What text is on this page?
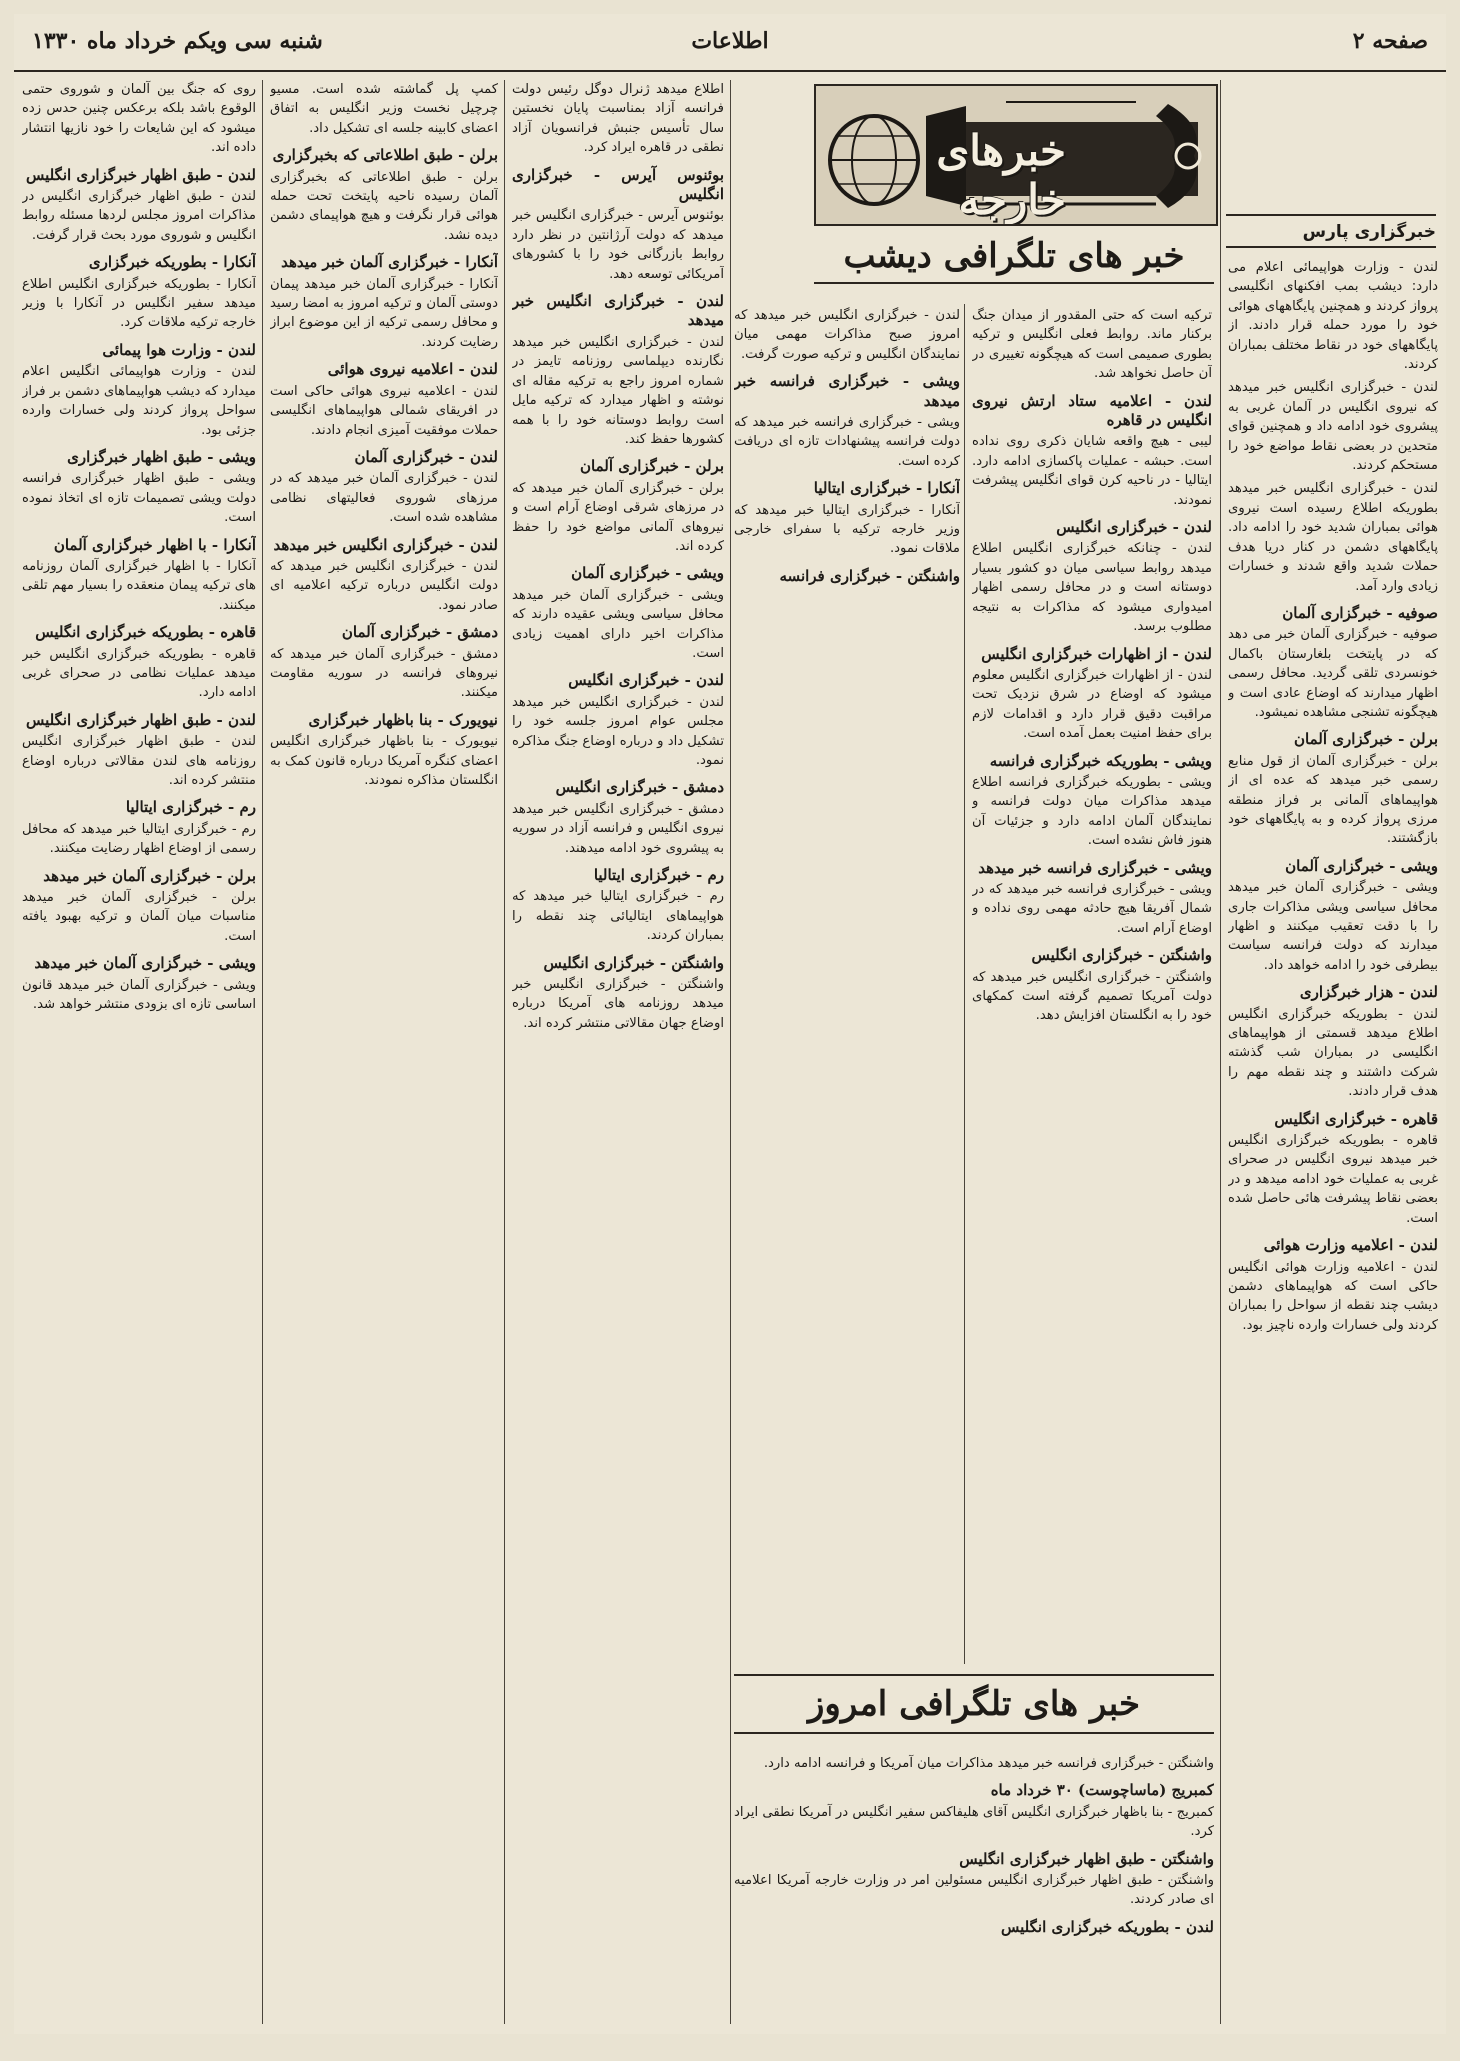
صفحه ۲
اطلاعات
شنبه سی ویکم خرداد ماه ۱۳۳۰
خبرهای خارجه
خبرگزاری پارس
خبر های تلگرافی دیشب
خبر های تلگرافی امروز
لندن - وزارت هواپیمائی اعلام می دارد: دیشب بمب افکنهای انگلیسی پرواز کردند و همچنین پایگاههای هوائی خود را مورد حمله قرار دادند. از پایگاههای خود در نقاط مختلف بمباران کردند.
لندن - خبرگزاری انگلیس خبر میدهد که نیروی انگلیس در آلمان غربی به پیشروی خود ادامه داد و همچنین قوای متحدین در بعضی نقاط مواضع خود را مستحکم کردند.
لندن - خبرگزاری انگلیس خبر میدهد بطوریکه اطلاع رسیده است نیروی هوائی بمباران شدید خود را ادامه داد. پایگاههای دشمن در کنار دریا هدف حملات شدید واقع شدند و خسارات زیادی وارد آمد.
صوفیه - خبرگزاری آلمان
صوفیه - خبرگزاری آلمان خبر می دهد که در پایتخت بلغارستان باکمال خونسردی تلقی گردید. محافل رسمی اظهار میدارند که اوضاع عادی است و هیچگونه تشنجی مشاهده نمیشود.
برلن - خبرگزاری آلمان
برلن - خبرگزاری آلمان از قول منابع رسمی خبر میدهد که عده ای از هواپیماهای آلمانی بر فراز منطقه مرزی پرواز کرده و به پایگاههای خود بازگشتند.
ویشی - خبرگزاری آلمان
ویشی - خبرگزاری آلمان خبر میدهد محافل سیاسی ویشی مذاکرات جاری را با دقت تعقیب میکنند و اظهار میدارند که دولت فرانسه سیاست بیطرفی خود را ادامه خواهد داد.
لندن - هزار خبرگزاری
لندن - بطوریکه خبرگزاری انگلیس اطلاع میدهد قسمتی از هواپیماهای انگلیسی در بمباران شب گذشته شرکت داشتند و چند نقطه مهم را هدف قرار دادند.
قاهره - خبرگزاری انگلیس
قاهره - بطوریکه خبرگزاری انگلیس خبر میدهد نیروی انگلیس در صحرای غربی به عملیات خود ادامه میدهد و در بعضی نقاط پیشرفت هائی حاصل شده است.
لندن - اعلامیه وزارت هوائی
لندن - اعلامیه وزارت هوائی انگلیس حاکی است که هواپیماهای دشمن دیشب چند نقطه از سواحل را بمباران کردند ولی خسارات وارده ناچیز بود.
ترکیه است که حتی المقدور از میدان جنگ برکنار ماند. روابط فعلی انگلیس و ترکیه بطوری صمیمی است که هیچگونه تغییری در آن حاصل نخواهد شد.
لندن - اعلامیه ستاد ارتش نیروی انگلیس در قاهره
لیبی - هیچ واقعه شایان ذکری روی نداده است. حبشه - عملیات پاکسازی ادامه دارد. ایتالیا - در ناحیه کرن قوای انگلیس پیشرفت نمودند.
لندن - خبرگزاری انگلیس
لندن - چنانکه خبرگزاری انگلیس اطلاع میدهد روابط سیاسی میان دو کشور بسیار دوستانه است و در محافل رسمی اظهار امیدواری میشود که مذاکرات به نتیجه مطلوب برسد.
لندن - از اظهارات خبرگزاری انگلیس
لندن - از اظهارات خبرگزاری انگلیس معلوم میشود که اوضاع در شرق نزدیک تحت مراقبت دقیق قرار دارد و اقدامات لازم برای حفظ امنیت بعمل آمده است.
ویشی - بطوریکه خبرگزاری فرانسه
ویشی - بطوریکه خبرگزاری فرانسه اطلاع میدهد مذاکرات میان دولت فرانسه و نمایندگان آلمان ادامه دارد و جزئیات آن هنوز فاش نشده است.
ویشی - خبرگزاری فرانسه خبر میدهد
ویشی - خبرگزاری فرانسه خبر میدهد که در شمال آفریقا هیچ حادثه مهمی روی نداده و اوضاع آرام است.
واشنگتن - خبرگزاری انگلیس
واشنگتن - خبرگزاری انگلیس خبر میدهد که دولت آمریکا تصمیم گرفته است کمکهای خود را به انگلستان افزایش دهد.
لندن - خبرگزاری انگلیس خبر میدهد که امروز صبح مذاکرات مهمی میان نمایندگان انگلیس و ترکیه صورت گرفت.
ویشی - خبرگزاری فرانسه خبر میدهد
ویشی - خبرگزاری فرانسه خبر میدهد که دولت فرانسه پیشنهادات تازه ای دریافت کرده است.
آنکارا - خبرگزاری ایتالیا
آنکارا - خبرگزاری ایتالیا خبر میدهد که وزیر خارجه ترکیه با سفرای خارجی ملاقات نمود.
واشنگتن - خبرگزاری فرانسه
اطلاع میدهد ژنرال دوگل رئیس دولت فرانسه آزاد بمناسبت پایان نخستین سال تأسیس جنبش فرانسویان آزاد نطقی در قاهره ایراد کرد.
بوئنوس آیرس - خبرگزاری انگلیس
بوئنوس آیرس - خبرگزاری انگلیس خبر میدهد که دولت آرژانتین در نظر دارد روابط بازرگانی خود را با کشورهای آمریکائی توسعه دهد.
لندن - خبرگزاری انگلیس خبر میدهد
لندن - خبرگزاری انگلیس خبر میدهد نگارنده دیپلماسی روزنامه تایمز در شماره امروز راجع به ترکیه مقاله ای نوشته و اظهار میدارد که ترکیه مایل است روابط دوستانه خود را با همه کشورها حفظ کند.
برلن - خبرگزاری آلمان
برلن - خبرگزاری آلمان خبر میدهد که در مرزهای شرقی اوضاع آرام است و نیروهای آلمانی مواضع خود را حفظ کرده اند.
ویشی - خبرگزاری آلمان
ویشی - خبرگزاری آلمان خبر میدهد محافل سیاسی ویشی عقیده دارند که مذاکرات اخیر دارای اهمیت زیادی است.
لندن - خبرگزاری انگلیس
لندن - خبرگزاری انگلیس خبر میدهد مجلس عوام امروز جلسه خود را تشکیل داد و درباره اوضاع جنگ مذاکره نمود.
دمشق - خبرگزاری انگلیس
دمشق - خبرگزاری انگلیس خبر میدهد نیروی انگلیس و فرانسه آزاد در سوریه به پیشروی خود ادامه میدهند.
رم - خبرگزاری ایتالیا
رم - خبرگزاری ایتالیا خبر میدهد که هواپیماهای ایتالیائی چند نقطه را بمباران کردند.
واشنگتن - خبرگزاری انگلیس
واشنگتن - خبرگزاری انگلیس خبر میدهد روزنامه های آمریکا درباره اوضاع جهان مقالاتی منتشر کرده اند.
کمپ پل گماشته شده است. مسیو چرچیل نخست وزیر انگلیس به اتفاق اعضای کابینه جلسه ای تشکیل داد.
برلن - طبق اطلاعاتی که بخبرگزاری
برلن - طبق اطلاعاتی که بخبرگزاری آلمان رسیده ناحیه پایتخت تحت حمله هوائی قرار نگرفت و هیچ هواپیمای دشمن دیده نشد.
آنکارا - خبرگزاری آلمان خبر میدهد
آنکارا - خبرگزاری آلمان خبر میدهد پیمان دوستی آلمان و ترکیه امروز به امضا رسید و محافل رسمی ترکیه از این موضوع ابراز رضایت کردند.
لندن - اعلامیه نیروی هوائی
لندن - اعلامیه نیروی هوائی حاکی است در افریقای شمالی هواپیماهای انگلیسی حملات موفقیت آمیزی انجام دادند.
لندن - خبرگزاری آلمان
لندن - خبرگزاری آلمان خبر میدهد که در مرزهای شوروی فعالیتهای نظامی مشاهده شده است.
لندن - خبرگزاری انگلیس خبر میدهد
لندن - خبرگزاری انگلیس خبر میدهد که دولت انگلیس درباره ترکیه اعلامیه ای صادر نمود.
دمشق - خبرگزاری آلمان
دمشق - خبرگزاری آلمان خبر میدهد که نیروهای فرانسه در سوریه مقاومت میکنند.
نیویورک - بنا باظهار خبرگزاری
نیویورک - بنا باظهار خبرگزاری انگلیس اعضای کنگره آمریکا درباره قانون کمک به انگلستان مذاکره نمودند.
روی که جنگ بین آلمان و شوروی حتمی الوقوع باشد بلکه برعکس چنین حدس زده میشود که این شایعات را خود نازیها انتشار داده اند.
لندن - طبق اظهار خبرگزاری انگلیس
لندن - طبق اظهار خبرگزاری انگلیس در مذاکرات امروز مجلس لردها مسئله روابط انگلیس و شوروی مورد بحث قرار گرفت.
آنکارا - بطوریکه خبرگزاری
آنکارا - بطوریکه خبرگزاری انگلیس اطلاع میدهد سفیر انگلیس در آنکارا با وزیر خارجه ترکیه ملاقات کرد.
لندن - وزارت هوا پیمائی
لندن - وزارت هواپیمائی انگلیس اعلام میدارد که دیشب هواپیماهای دشمن بر فراز سواحل پرواز کردند ولی خسارات وارده جزئی بود.
ویشی - طبق اظهار خبرگزاری
ویشی - طبق اظهار خبرگزاری فرانسه دولت ویشی تصمیمات تازه ای اتخاذ نموده است.
آنکارا - با اظهار خبرگزاری آلمان
آنکارا - با اظهار خبرگزاری آلمان روزنامه های ترکیه پیمان منعقده را بسیار مهم تلقی میکنند.
قاهره - بطوریکه خبرگزاری انگلیس
قاهره - بطوریکه خبرگزاری انگلیس خبر میدهد عملیات نظامی در صحرای غربی ادامه دارد.
لندن - طبق اظهار خبرگزاری انگلیس
لندن - طبق اظهار خبرگزاری انگلیس روزنامه های لندن مقالاتی درباره اوضاع منتشر کرده اند.
رم - خبرگزاری ایتالیا
رم - خبرگزاری ایتالیا خبر میدهد که محافل رسمی از اوضاع اظهار رضایت میکنند.
برلن - خبرگزاری آلمان خبر میدهد
برلن - خبرگزاری آلمان خبر میدهد مناسبات میان آلمان و ترکیه بهبود یافته است.
ویشی - خبرگزاری آلمان خبر میدهد
ویشی - خبرگزاری آلمان خبر میدهد قانون اساسی تازه ای بزودی منتشر خواهد شد.
واشنگتن - خبرگزاری فرانسه خبر میدهد مذاکرات میان آمریکا و فرانسه ادامه دارد.
کمبریج (ماساچوست) ۳۰ خرداد ماه
کمبریج - بنا باظهار خبرگزاری انگلیس آقای هلیفاکس سفیر انگلیس در آمریکا نطقی ایراد کرد.
واشنگتن - طبق اظهار خبرگزاری انگلیس
واشنگتن - طبق اظهار خبرگزاری انگلیس مسئولین امر در وزارت خارجه آمریکا اعلامیه ای صادر کردند.
لندن - بطوریکه خبرگزاری انگلیس
